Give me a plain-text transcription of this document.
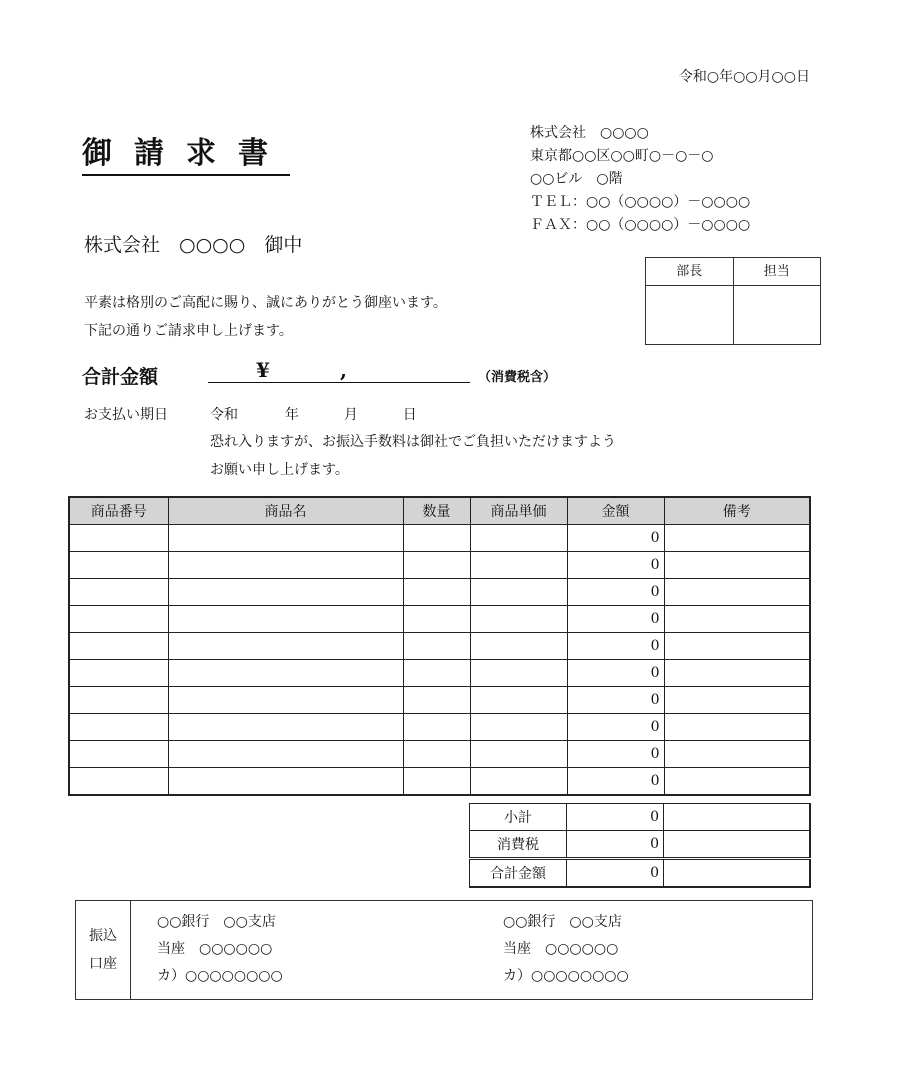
令和○年○○月○○日
御請求書
株式会社　○○○○
東京都○○区○○町○－○－○
○○ビル　○階
ＴＥＬ：○○（○○○○）－○○○○
ＦＡＸ：○○（○○○○）－○○○○
株式会社　○○○○　御中
部長	担当
平素は格別のご高配に賜り、誠にありがとう御座います。
下記の通りご請求申し上げます。
合計金額	¥	,	（消費税含）
お支払い期日	令和	年	月	日
恐れ入りますが、お振込手数料は御社でご負担いただけますよう
お願い申し上げます。
商品番号	商品名	数量	商品単価	金額	備考
				0	
				0	
				0	
				0	
				0	
				0	
				0	
				0	
				0	
				0	
小計	0	
消費税	0	
合計金額	0	
振込
口座
○○銀行　○○支店
当座　○○○○○○
カ）○○○○○○○○
○○銀行　○○支店
当座　○○○○○○
カ）○○○○○○○○
